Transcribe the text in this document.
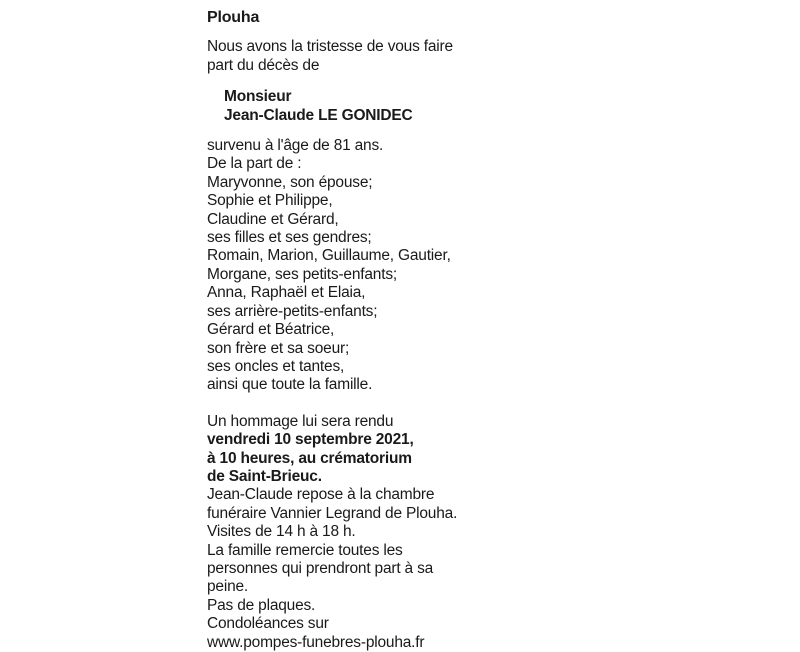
Plouha
Nous avons la tristesse de vous faire
part du décès de
Monsieur
Jean-Claude LE GONIDEC
survenu à l'âge de 81 ans.
De la part de :
Maryvonne, son épouse;
Sophie et Philippe,
Claudine et Gérard,
ses filles et ses gendres;
Romain, Marion, Guillaume, Gautier,
Morgane, ses petits-enfants;
Anna, Raphaël et Elaia,
ses arrière-petits-enfants;
Gérard et Béatrice,
son frère et sa soeur;
ses oncles et tantes,
ainsi que toute la famille.
Un hommage lui sera rendu
vendredi 10 septembre 2021,
à 10 heures, au crématorium
de Saint-Brieuc.
Jean-Claude repose à la chambre
funéraire Vannier Legrand de Plouha.
Visites de 14 h à 18 h.
La famille remercie toutes les
personnes qui prendront part à sa
peine.
Pas de plaques.
Condoléances sur
www.pompes-funebres-plouha.fr
